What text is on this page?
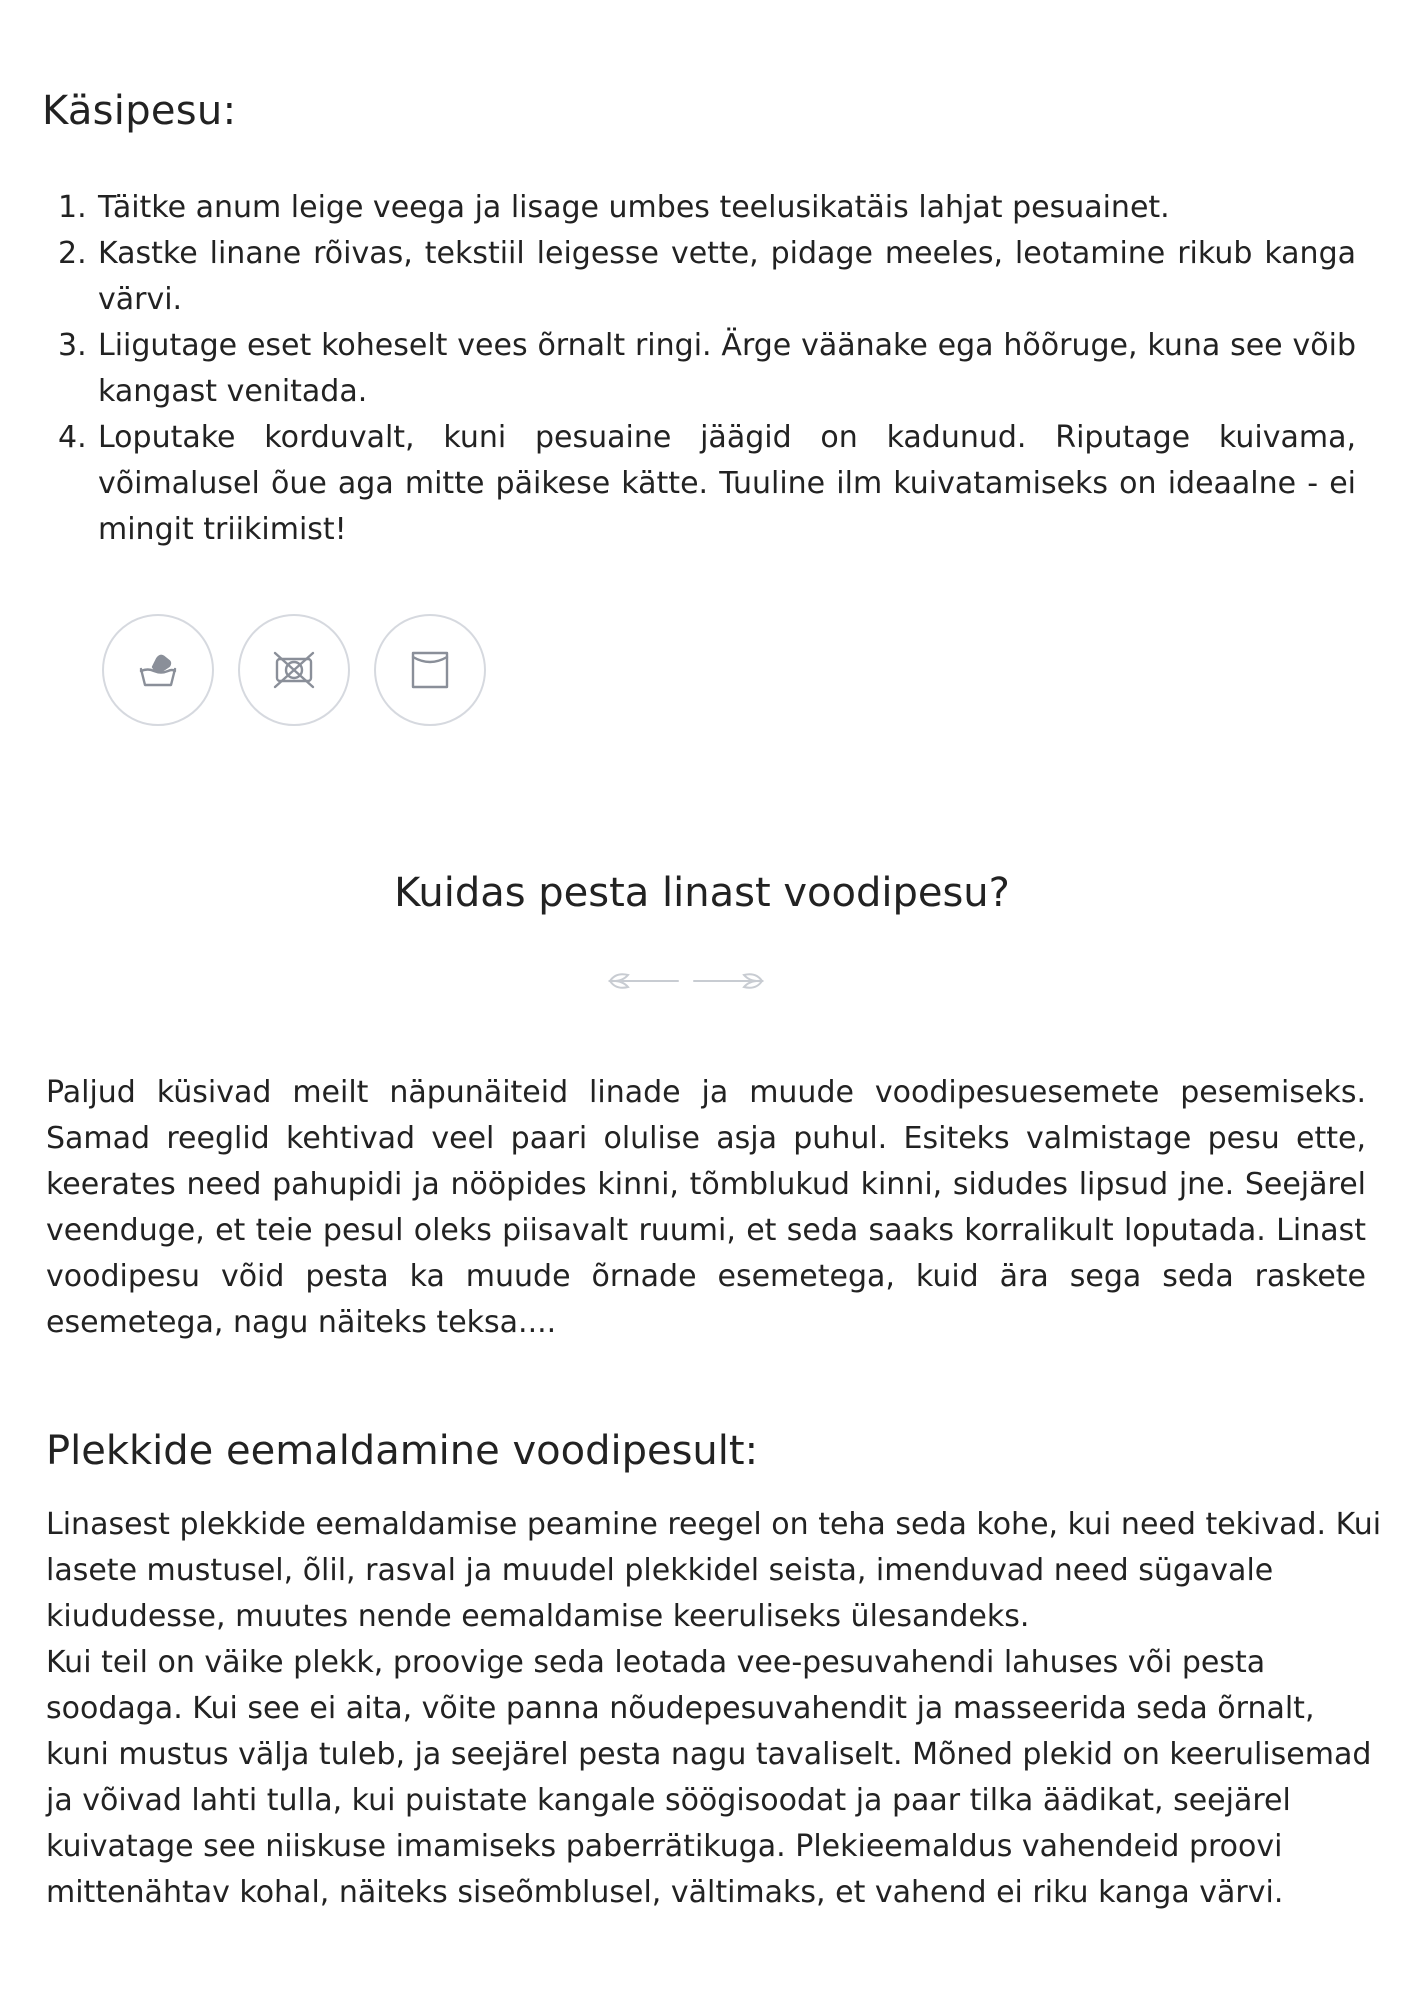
Käsipesu:
1. Täitke anum leige veega ja lisage umbes teelusikatäis lahjat pesuainet.
2. Kastke linane rõivas, tekstiil leigesse vette, pidage meeles, leotamine rikub kanga värvi.
3. Liigutage eset koheselt vees õrnalt ringi. Ärge väänake ega hõõruge, kuna see võib kangast venitada.
4. Loputake korduvalt, kuni pesuaine jäägid on kadunud. Riputage kuivama, võimalusel õue aga mitte päikese kätte. Tuuline ilm kuivatamiseks on ideaalne - ei mingit triikimist!
Kuidas pesta linast voodipesu?

Paljud küsivad meilt näpunäiteid linade ja muude voodipesuesemete pesemiseks. Samad reeglid kehtivad veel paari olulise asja puhul. Esiteks valmistage pesu ette, keerates need pahupidi ja nööpides kinni, tõmblukud kinni, sidudes lipsud jne. Seejärel veenduge, et teie pesul oleks piisavalt ruumi, et seda saaks korralikult loputada. Linast voodipesu võid pesta ka muude õrnade esemetega, kuid ära sega seda raskete esemetega, nagu näiteks teksa....

Plekkide eemaldamine voodipesult:
Linasest plekkide eemaldamise peamine reegel on teha seda kohe, kui need tekivad. Kui lasete mustusel, õlil, rasval ja muudel plekkidel seista, imenduvad need sügavale kiududesse, muutes nende eemaldamise keeruliseks ülesandeks.
Kui teil on väike plekk, proovige seda leotada vee-pesuvahendi lahuses või pesta soodaga. Kui see ei aita, võite panna nõudepesuvahendit ja masseerida seda õrnalt, kuni mustus välja tuleb, ja seejärel pesta nagu tavaliselt. Mõned plekid on keerulisemad ja võivad lahti tulla, kui puistate kangale söögisoodat ja paar tilka äädikat, seejärel kuivatage see niiskuse imamiseks paberrätikuga. Plekieemaldus vahendeid proovi mittenähtav kohal, näiteks siseõmblusel, vältimaks, et vahend ei riku kanga värvi.
